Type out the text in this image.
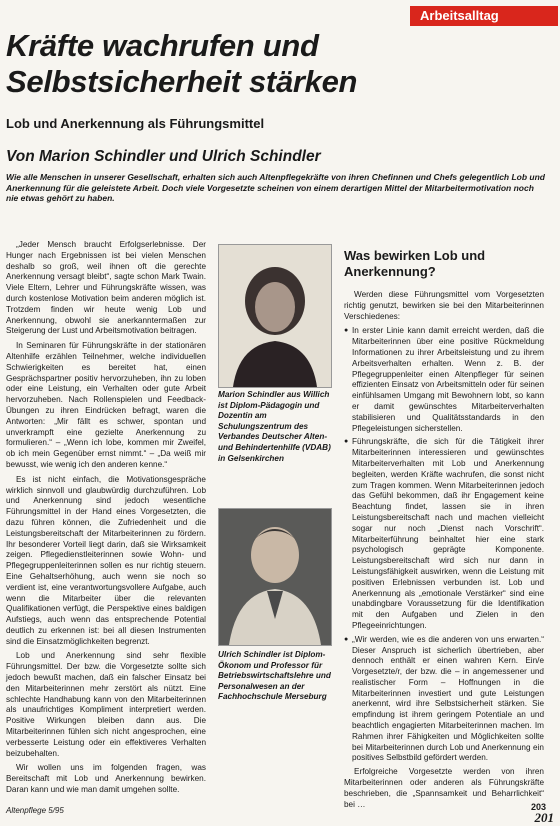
Arbeitsalltag
Kräfte wachrufen und Selbstsicherheit stärken
Lob und Anerkennung als Führungsmittel
Von Marion Schindler und Ulrich Schindler

Wie alle Menschen in unserer Gesellschaft, erhalten sich auch Altenpflegekräfte von ihren Chefinnen und Chefs gelegentlich Lob und Anerkennung für die geleistete Arbeit. Doch viele Vorgesetzte scheinen von einem derartigen Mittel der Mitarbeitermotivation noch nie etwas gehört zu haben.

„Jeder Mensch braucht Erfolgserlebnisse. Der Hunger nach Ergebnissen ist bei vielen Menschen deshalb so groß, weil ihnen oft die gerechte Anerkennung versagt bleibt“, sagte schon Mark Twain. Viele Eltern, Lehrer und Führungskräfte wissen, was durch kostenlose Motivation beim anderen möglich ist. Trotzdem finden wir heute wenig Lob und Anerkennung, obwohl sie anerkanntermaßen zur Steigerung der Lust und Arbeitsmotivation beitragen.

In Seminaren für Führungskräfte in der stationären Altenhilfe erzählen Teilnehmer, welche individuellen Schwierigkeiten es bereitet hat, einen Gesprächspartner positiv hervorzuheben, ihn zu loben oder eine Leistung, ein Verhalten oder gute Arbeit hervorzuheben. Nach Rollenspielen und Feedback-Übungen zu ihren Eindrücken befragt, waren die Antworten: „Mir fällt es schwer, spontan und unverkrampft eine gezielte Anerkennung zu formulieren.“ – „Wenn ich lobe, kommen mir Zweifel, ob ich mein Gegenüber ernst nimmt.“ – „Da weiß mir bewusst, wie wenig ich den anderen kenne.“

Es ist nicht einfach, die Motivationsgespräche wirklich sinnvoll und glaubwürdig durchzuführen. Lob und Anerkennung sind jedoch wesentliche Führungsmittel in der Hand eines Vorgesetzten, die dazu führen können, die Zufriedenheit und die Leistungsbereitschaft der Mitarbeiterinnen zu fördern. Ihr besonderer Vorteil liegt darin, daß sie Wirksamkeit zeigen. Pflegedienstleiterinnen sowie Wohn- und Pflegegruppenleiterinnen sollen es nur richtig steuern. Eine Gehaltserhöhung, auch wenn sie noch so verdient ist, eine verantwortungsvollere Aufgabe, auch wenn die Mitarbeiter über die relevanten Qualifikationen verfügt, die Perspektive eines baldigen Aufstiegs, auch wenn das entsprechende Potential deutlich zu erkennen ist: bei all diesen Instrumenten sind die Einsatzmöglichkeiten begrenzt.

Lob und Anerkennung sind sehr flexible Führungsmittel. Der bzw. die Vorgesetzte sollte sich jedoch bewußt machen, daß ein falscher Einsatz bei den Mitarbeiterinnen mehr zerstört als nützt. Eine schlechte Handhabung kann von den Mitarbeiterinnen als unaufrichtiges Kompliment interpretiert werden. Positive Wirkungen bleiben dann aus. Die Mitarbeiterinnen fühlen sich nicht angesprochen, eine verbesserte Leistung oder ein effektiveres Verhalten beizubehalten.

Wir wollen uns im folgenden fragen, was Bereitschaft mit Lob und Anerkennung bewirken. Daran kann und wie man damit umgehen sollte.

Marion Schindler aus Willich ist Diplom-Pädagogin und Dozentin am Schulungszentrum des Verbandes Deutscher Alten- und Behindertenhilfe (VDAB) in Gelsenkirchen

Ulrich Schindler ist Diplom-Ökonom und Professor für Betriebswirtschaftslehre und Personalwesen an der Fachhochschule Merseburg

Was bewirken Lob und Anerkennung?

Werden diese Führungsmittel vom Vorgesetzten richtig genutzt, bewirken sie bei den Mitarbeiterinnen Verschiedenes:

● In erster Linie kann damit erreicht werden, daß die Mitarbeiterinnen über eine positive Rückmeldung Informationen zu ihrer Arbeitsleistung und zu ihrem Arbeitsverhalten erhalten. Wenn z. B. der Pflegegruppenleiter einen Altenpfleger für seinen effizienten Einsatz von Arbeitsmitteln oder für seinen einfühlsamen Umgang mit Bewohnern lobt, so kann er damit gewünschtes Mitarbeiterverhalten stabilisieren und Qualitätsstandards in den Pflegeleistungen sicherstellen.
● Führungskräfte, die sich für die Tätigkeit ihrer Mitarbeiterinnen interessieren und gewünschtes Mitarbeiterverhalten mit Lob und Anerkennung begleiten, werden Kräfte wachrufen, die sonst nicht zum Tragen kommen. Wenn Mitarbeiterinnen jedoch das Gefühl bekommen, daß ihr Engagement keine Beachtung findet, lassen sie in ihren Leistungsbereitschaft nach und machen vielleicht sogar nur noch „Dienst nach Vorschrift“. Mitarbeiterführung beinhaltet hier eine stark psychologisch geprägte Komponente. Leistungsbereitschaft wird sich nur dann in Leistungsfähigkeit auswirken, wenn die Leistung mit positiven Erlebnissen verbunden ist. Lob und Anerkennung als „emotionale Verstärker“ sind eine unabdingbare Voraussetzung für die Identifikation mit den Aufgaben und Zielen in den Pflegeeinrichtungen.
● „Wir werden, wie es die anderen von uns erwarten.“ Dieser Anspruch ist sicherlich übertrieben, aber dennoch enthält er einen wahren Kern. Ein/e Vorgesetzte/r, der bzw. die – in angemessener und realistischer Form – Hoffnungen in die Mitarbeiterinnen investiert und gute Leistungen anerkennt, wird ihre Selbstsicherheit stärken. Sie empfindung ist ihrem geringem Potentiale an und beachtlich engagierten Mitarbeiterinnen machen. Im Rahmen ihrer Fähigkeiten und Möglichkeiten sollte bei Mitarbeiterinnen durch Lob und Anerkennung ein positives Selbstbild gefördert werden.

Erfolgreiche Vorgesetzte werden von ihren Mitarbeiterinnen oder anderen als Führungskräfte beschrieben, die „Spannsamkeit und Beharrlichkeit“ bei …

Altenpflege 5/95	203
201
